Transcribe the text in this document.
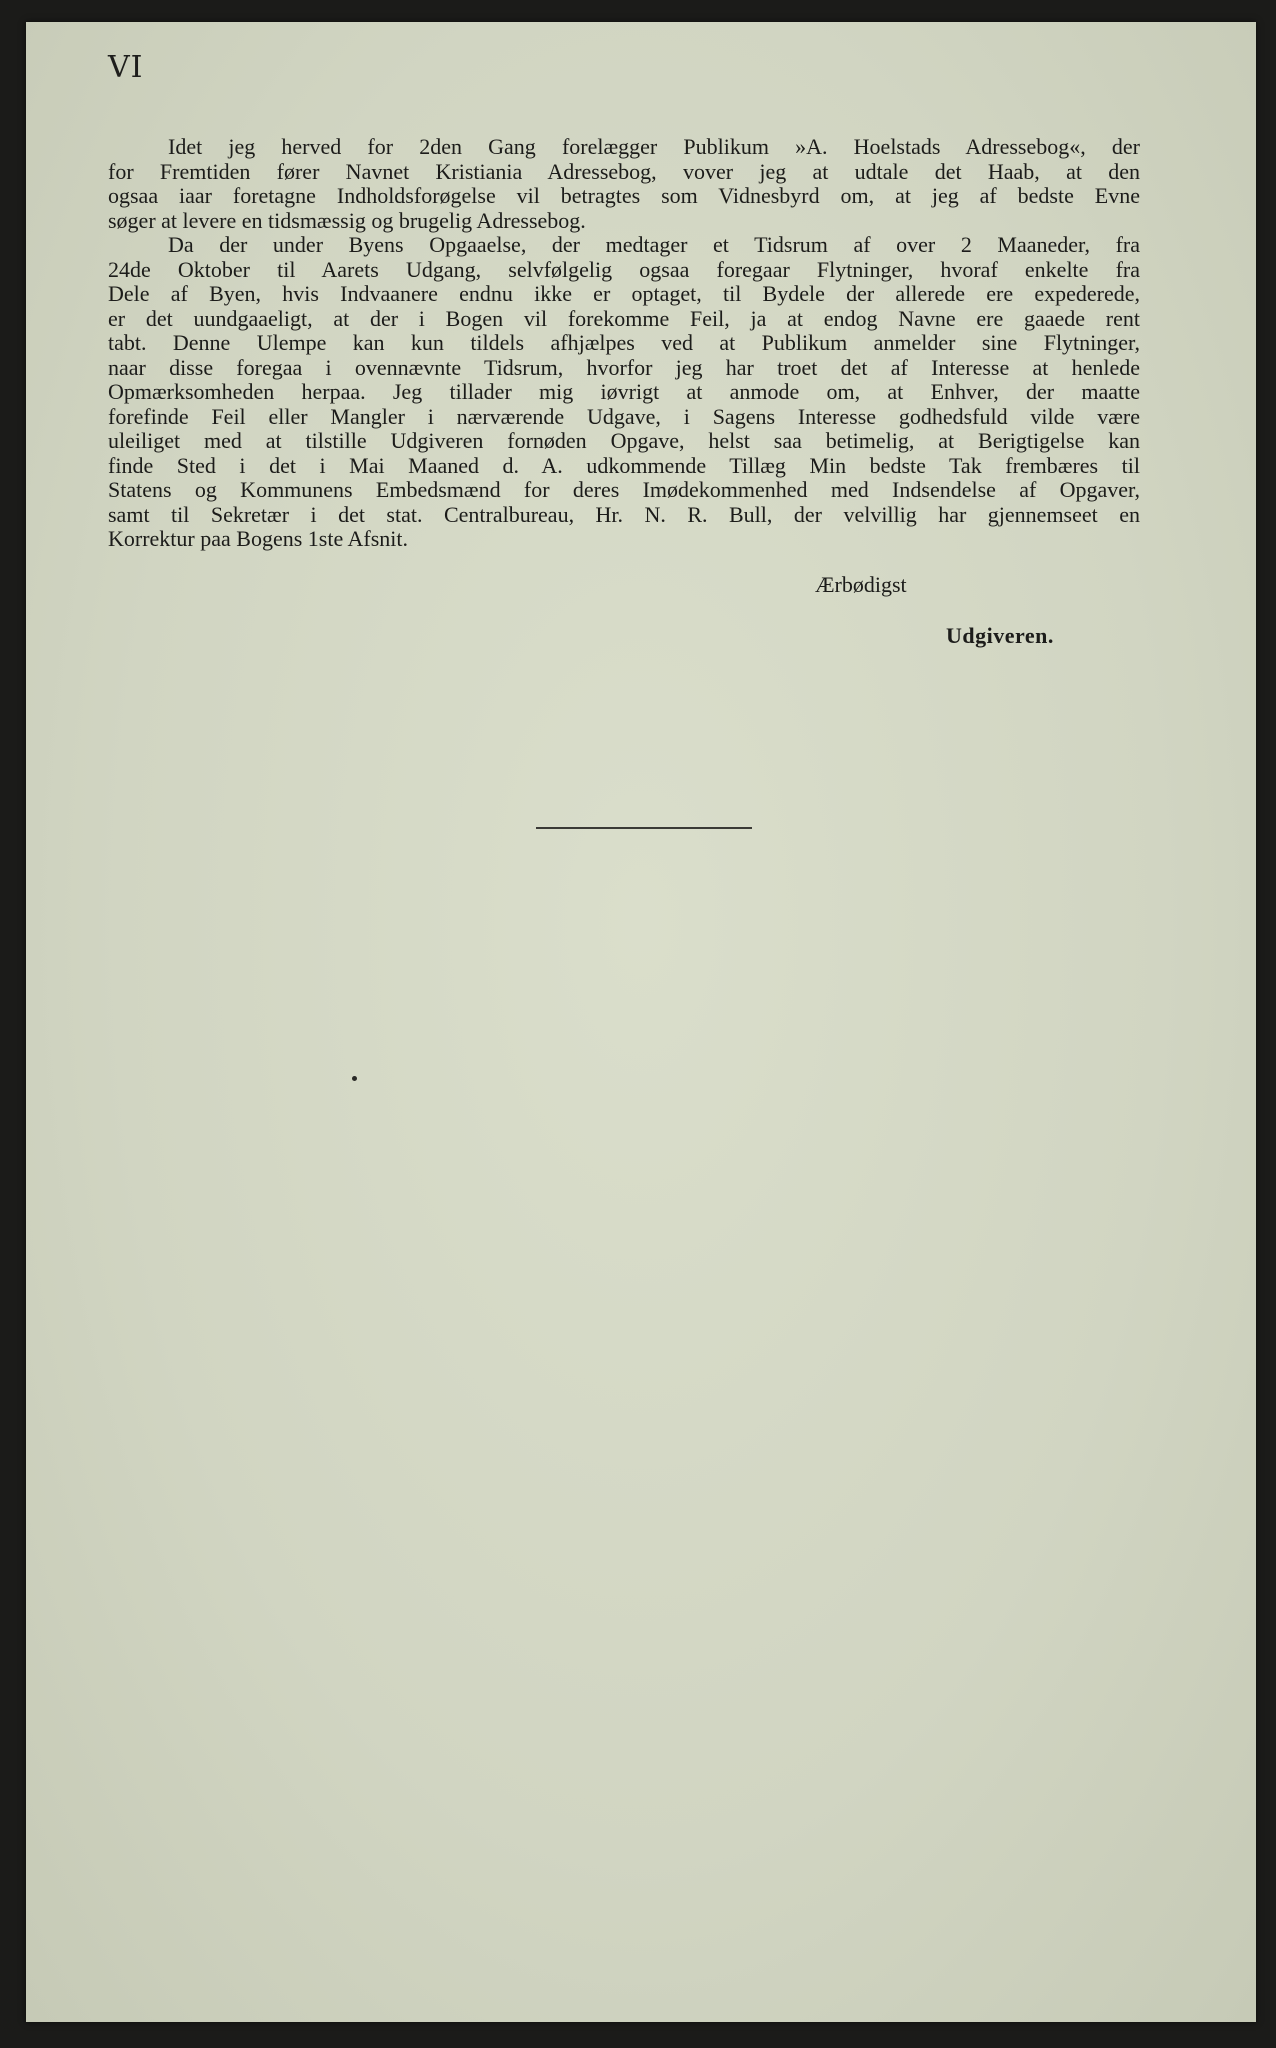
VI

Idet jeg herved for 2den Gang forelægger Publikum »A. Hoelstads Adressebog«, der
for Fremtiden fører Navnet Kristiania Adressebog, vover jeg at udtale det Haab, at den
ogsaa iaar foretagne Indholdsforøgelse vil betragtes som Vidnesbyrd om, at jeg af bedste Evne
søger at levere en tidsmæssig og brugelig Adressebog.

Da der under Byens Opgaaelse, der medtager et Tidsrum af over 2 Maaneder, fra
24de Oktober til Aarets Udgang, selvfølgelig ogsaa foregaar Flytninger, hvoraf enkelte fra
Dele af Byen, hvis Indvaanere endnu ikke er optaget, til Bydele der allerede ere expederede,
er det uundgaaeligt, at der i Bogen vil forekomme Feil, ja at endog Navne ere gaaede rent
tabt. Denne Ulempe kan kun tildels afhjælpes ved at Publikum anmelder sine Flytninger,
naar disse foregaa i ovennævnte Tidsrum, hvorfor jeg har troet det af Interesse at henlede
Opmærksomheden herpaa. Jeg tillader mig iøvrigt at anmode om, at Enhver, der maatte
forefinde Feil eller Mangler i nærværende Udgave, i Sagens Interesse godhedsfuld vilde være
uleiliget med at tilstille Udgiveren fornøden Opgave, helst saa betimelig, at Berigtigelse kan
finde Sted i det i Mai Maaned d. A. udkommende Tillæg Min bedste Tak frembæres til
Statens og Kommunens Embedsmænd for deres Imødekommenhed med Indsendelse af Opgaver,
samt til Sekretær i det stat. Centralbureau, Hr. N. R. Bull, der velvillig har gjennemseet en
Korrektur paa Bogens 1ste Afsnit.

Ærbødigst
Udgiveren.
